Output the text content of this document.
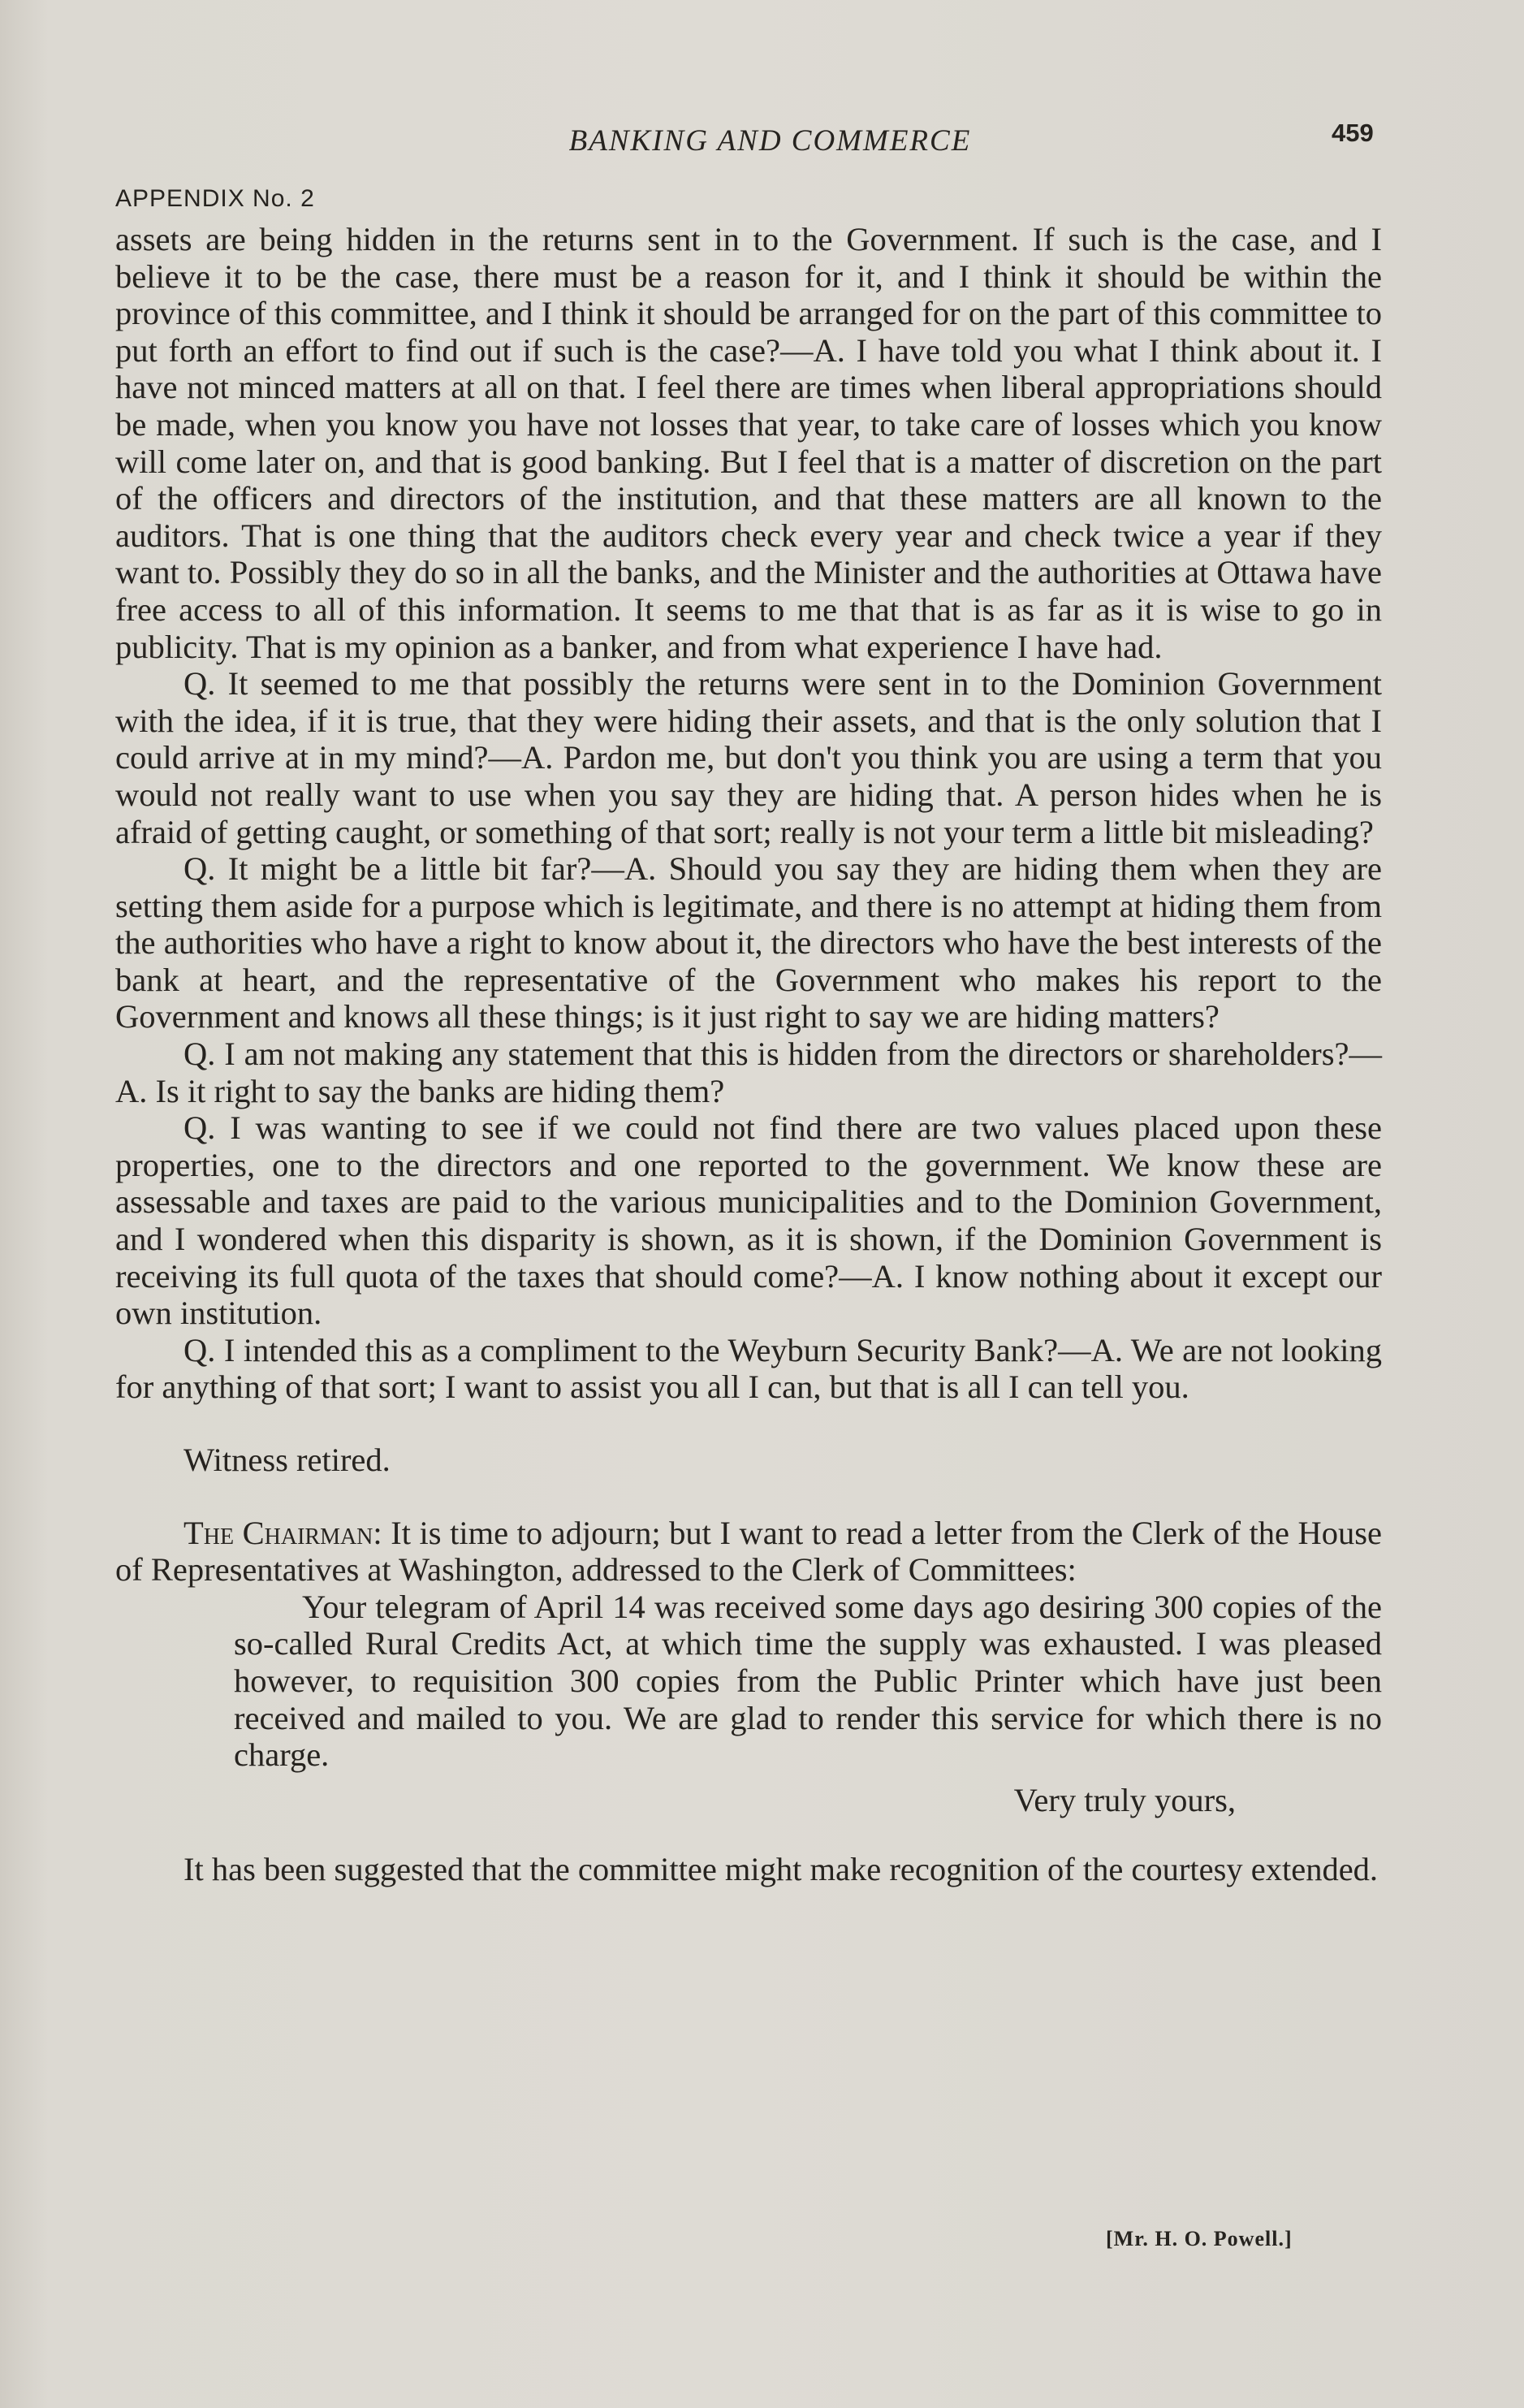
BANKING AND COMMERCE	459
APPENDIX No. 2

assets are being hidden in the returns sent in to the Government. If such is the case, and I believe it to be the case, there must be a reason for it, and I think it should be within the province of this committee, and I think it should be arranged for on the part of this committee to put forth an effort to find out if such is the case?—A. I have told you what I think about it. I have not minced matters at all on that. I feel there are times when liberal appropriations should be made, when you know you have not losses that year, to take care of losses which you know will come later on, and that is good banking. But I feel that is a matter of discretion on the part of the officers and directors of the institution, and that these matters are all known to the auditors. That is one thing that the auditors check every year and check twice a year if they want to. Possibly they do so in all the banks, and the Minister and the authorities at Ottawa have free access to all of this information. It seems to me that that is as far as it is wise to go in publicity. That is my opinion as a banker, and from what experience I have had.

Q. It seemed to me that possibly the returns were sent in to the Dominion Government with the idea, if it is true, that they were hiding their assets, and that is the only solution that I could arrive at in my mind?—A. Pardon me, but don't you think you are using a term that you would not really want to use when you say they are hiding that. A person hides when he is afraid of getting caught, or something of that sort; really is not your term a little bit misleading?

Q. It might be a little bit far?—A. Should you say they are hiding them when they are setting them aside for a purpose which is legitimate, and there is no attempt at hiding them from the authorities who have a right to know about it, the directors who have the best interests of the bank at heart, and the representative of the Government who makes his report to the Government and knows all these things; is it just right to say we are hiding matters?

Q. I am not making any statement that this is hidden from the directors or shareholders?—A. Is it right to say the banks are hiding them?

Q. I was wanting to see if we could not find there are two values placed upon these properties, one to the directors and one reported to the government. We know these are assessable and taxes are paid to the various municipalities and to the Dominion Government, and I wondered when this disparity is shown, as it is shown, if the Dominion Government is receiving its full quota of the taxes that should come?—A. I know nothing about it except our own institution.

Q. I intended this as a compliment to the Weyburn Security Bank?—A. We are not looking for anything of that sort; I want to assist you all I can, but that is all I can tell you.

Witness retired.

The Chairman: It is time to adjourn; but I want to read a letter from the Clerk of the House of Representatives at Washington, addressed to the Clerk of Committees:

Your telegram of April 14 was received some days ago desiring 300 copies of the so-called Rural Credits Act, at which time the supply was exhausted. I was pleased however, to requisition 300 copies from the Public Printer which have just been received and mailed to you. We are glad to render this service for which there is no charge.

Very truly yours,

It has been suggested that the committee might make recognition of the courtesy extended.

[Mr. H. O. Powell.]
